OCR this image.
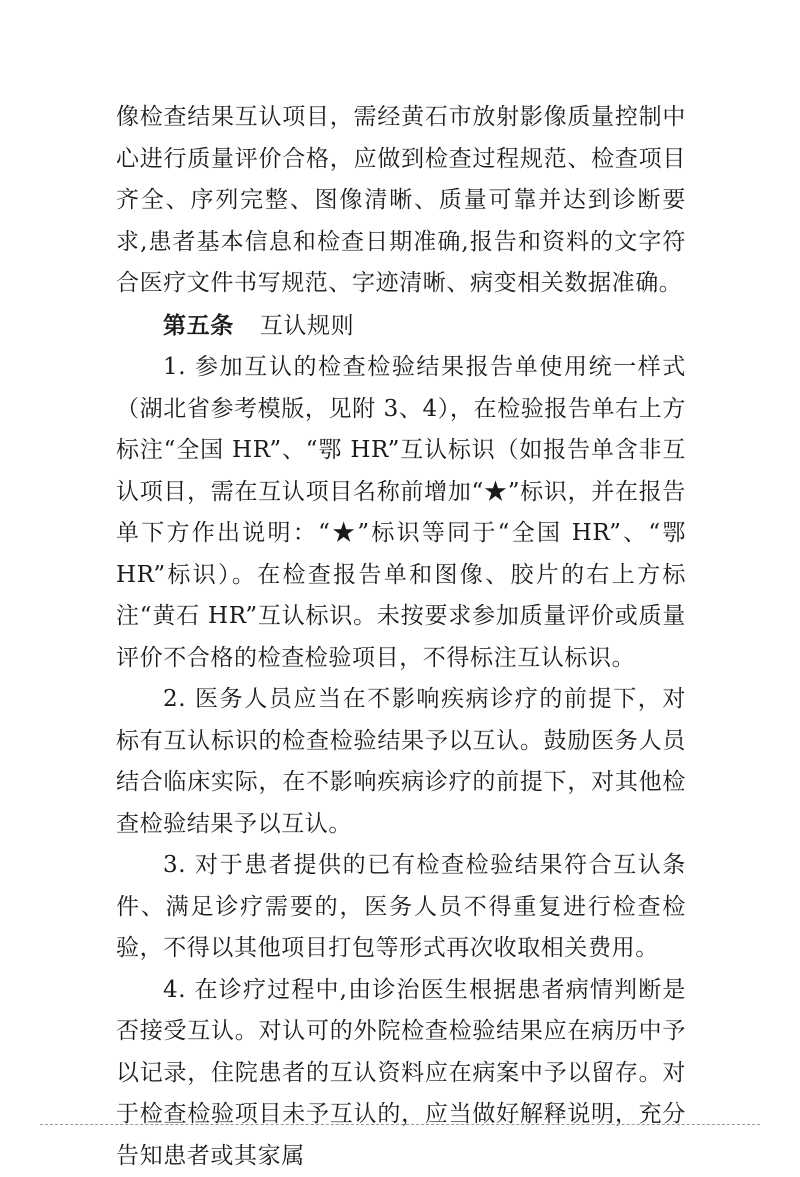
像检查结果互认项目，需经黄石市放射影像质量控制中心进行质量评价合格，应做到检查过程规范、检查项目齐全、序列完整、图像清晰、质量可靠并达到诊断要求,患者基本信息和检查日期准确,报告和资料的文字符合医疗文件书写规范、字迹清晰、病变相关数据准确。

第五条 互认规则

1. 参加互认的检查检验结果报告单使用统一样式（湖北省参考模版，见附 3、4），在检验报告单右上方标注“全国 HR”、“鄂 HR”互认标识（如报告单含非互认项目，需在互认项目名称前增加“★”标识，并在报告单下方作出说明：“★”标识等同于“全国 HR”、“鄂 HR”标识）。在检查报告单和图像、胶片的右上方标注“黄石 HR”互认标识。未按要求参加质量评价或质量评价不合格的检查检验项目，不得标注互认标识。

2. 医务人员应当在不影响疾病诊疗的前提下，对标有互认标识的检查检验结果予以互认。鼓励医务人员结合临床实际，在不影响疾病诊疗的前提下，对其他检查检验结果予以互认。

3. 对于患者提供的已有检查检验结果符合互认条件、满足诊疗需要的，医务人员不得重复进行检查检验，不得以其他项目打包等形式再次收取相关费用。

4. 在诊疗过程中,由诊治医生根据患者病情判断是否接受互认。对认可的外院检查检验结果应在病历中予以记录，住院患者的互认资料应在病案中予以留存。对于检查检验项目未予互认的，应当做好解释说明，充分告知患者或其家属
